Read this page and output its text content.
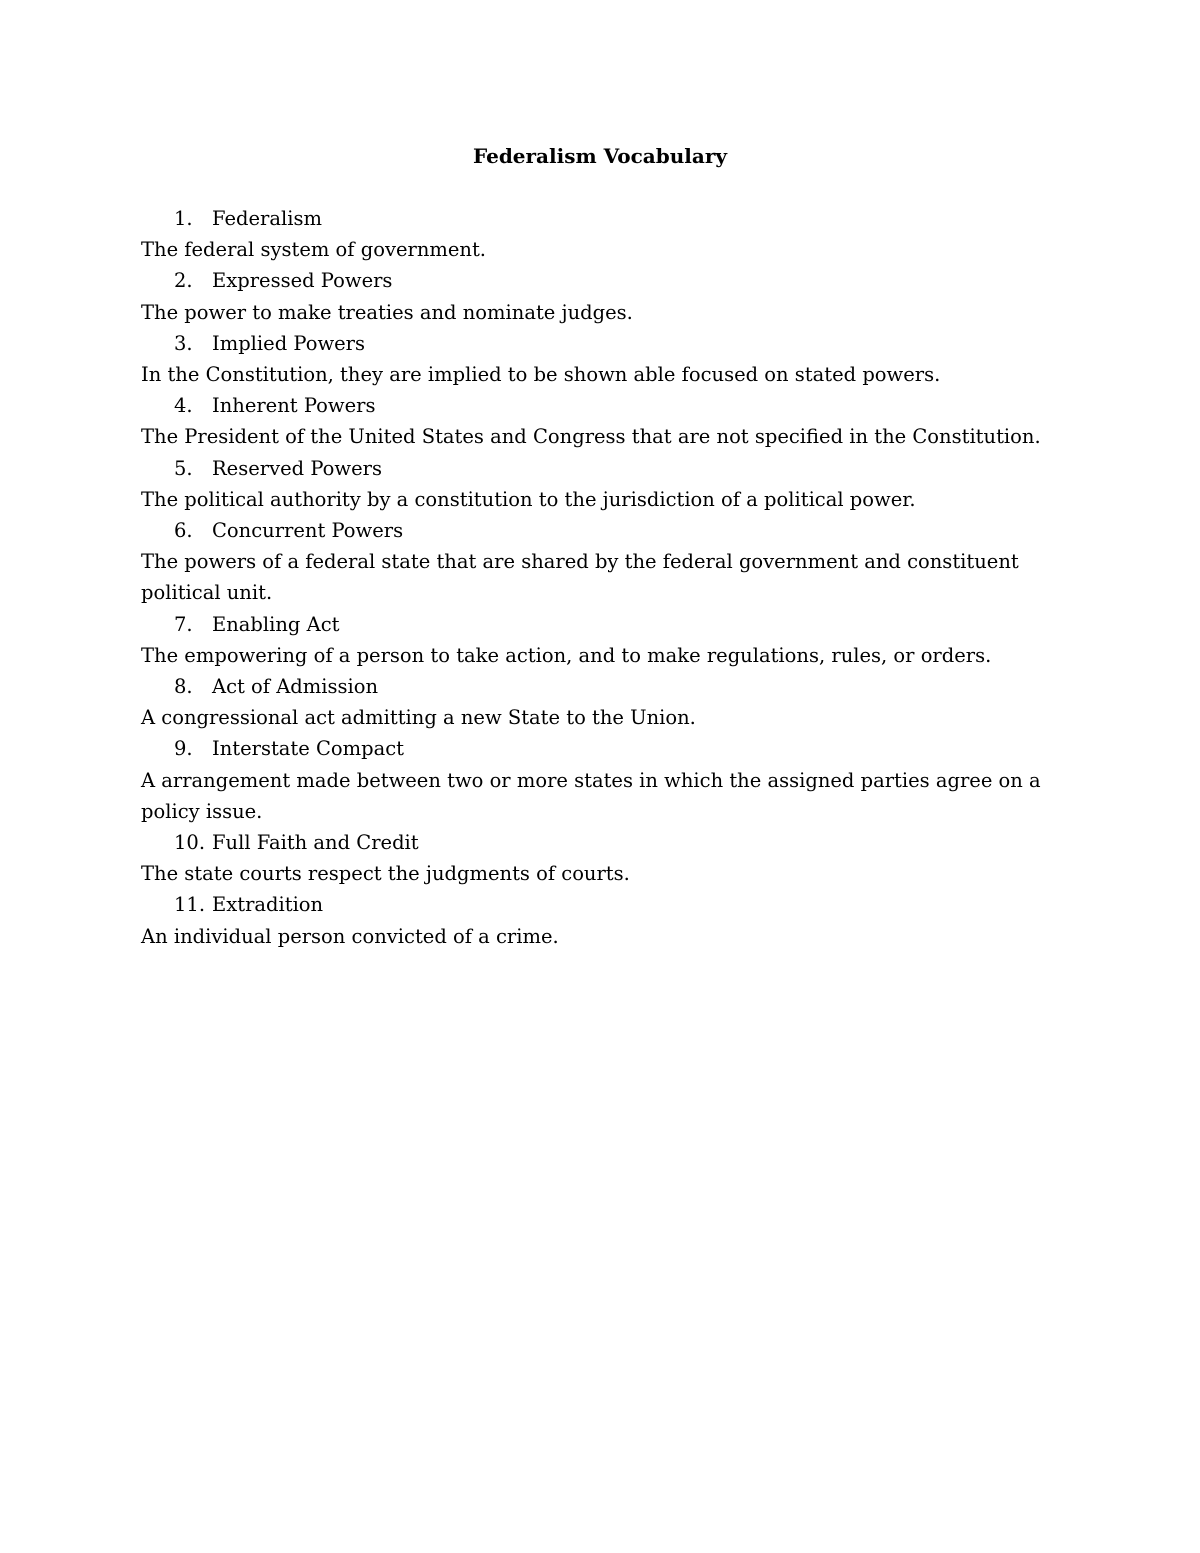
Federalism Vocabulary
1. Federalism
The federal system of government.
2. Expressed Powers
The power to make treaties and nominate judges.
3. Implied Powers
In the Constitution, they are implied to be shown able focused on stated powers.
4. Inherent Powers
The President of the United States and Congress that are not specified in the Constitution.
5. Reserved Powers
The political authority by a constitution to the jurisdiction of a political power.
6. Concurrent Powers
The powers of a federal state that are shared by the federal government and constituent political unit.
7. Enabling Act
The empowering of a person to take action, and to make regulations, rules, or orders.
8. Act of Admission
A congressional act admitting a new State to the Union.
9. Interstate Compact
A arrangement made between two or more states in which the assigned parties agree on a policy issue.
10. Full Faith and Credit
The state courts respect the judgments of courts.
11. Extradition
An individual person convicted of a crime.
